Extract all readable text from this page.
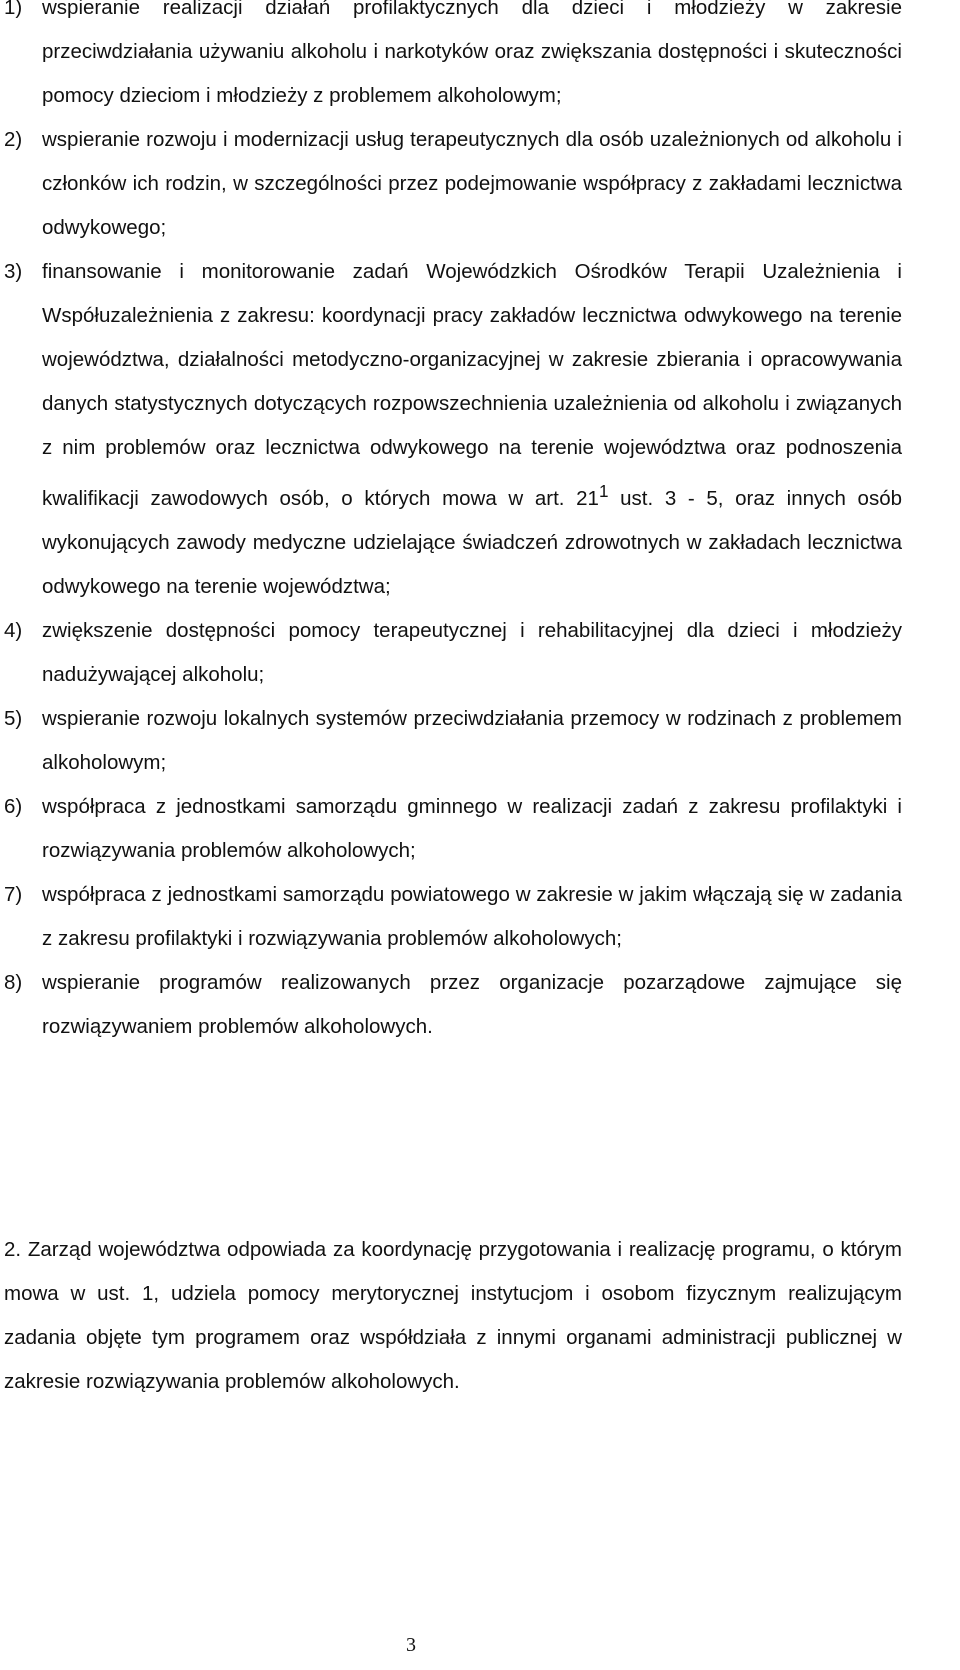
1) wspieranie realizacji działań profilaktycznych dla dzieci i młodzieży w zakresie przeciwdziałania używaniu alkoholu i narkotyków oraz zwiększania dostępności i skuteczności pomocy dzieciom i młodzieży z problemem alkoholowym;
2) wspieranie rozwoju i modernizacji usług terapeutycznych dla osób uzależnionych od alkoholu i członków ich rodzin, w szczególności przez podejmowanie współpracy z zakładami lecznictwa odwykowego;
3) finansowanie i monitorowanie zadań Wojewódzkich Ośrodków Terapii Uzależnienia i Współuzależnienia z zakresu: koordynacji pracy zakładów lecznictwa odwykowego na terenie województwa, działalności metodyczno-organizacyjnej w zakresie zbierania i opracowywania danych statystycznych dotyczących rozpowszechnienia uzależnienia od alkoholu i związanych z nim problemów oraz lecznictwa odwykowego na terenie województwa oraz podnoszenia kwalifikacji zawodowych osób, o których mowa w art. $21^1$ ust. 3 - 5, oraz innych osób wykonujących zawody medyczne udzielające świadczeń zdrowotnych w zakładach lecznictwa odwykowego na terenie województwa;
4) zwiększenie dostępności pomocy terapeutycznej i rehabilitacyjnej dla dzieci i młodzieży nadużywającej alkoholu;
5) wspieranie rozwoju lokalnych systemów przeciwdziałania przemocy w rodzinach z problemem alkoholowym;
6) współpraca z jednostkami samorządu gminnego w realizacji zadań z zakresu profilaktyki i rozwiązywania problemów alkoholowych;
7) współpraca z jednostkami samorządu powiatowego w zakresie w jakim włączają się w zadania z zakresu profilaktyki i rozwiązywania problemów alkoholowych;
8) wspieranie programów realizowanych przez organizacje pozarządowe zajmujące się rozwiązywaniem problemów alkoholowych.

2. Zarząd województwa odpowiada za koordynację przygotowania i realizację programu, o którym mowa w ust. 1, udziela pomocy merytorycznej instytucjom i osobom fizycznym realizującym zadania objęte tym programem oraz współdziała z innymi organami administracji publicznej w zakresie rozwiązywania problemów alkoholowych.

3
